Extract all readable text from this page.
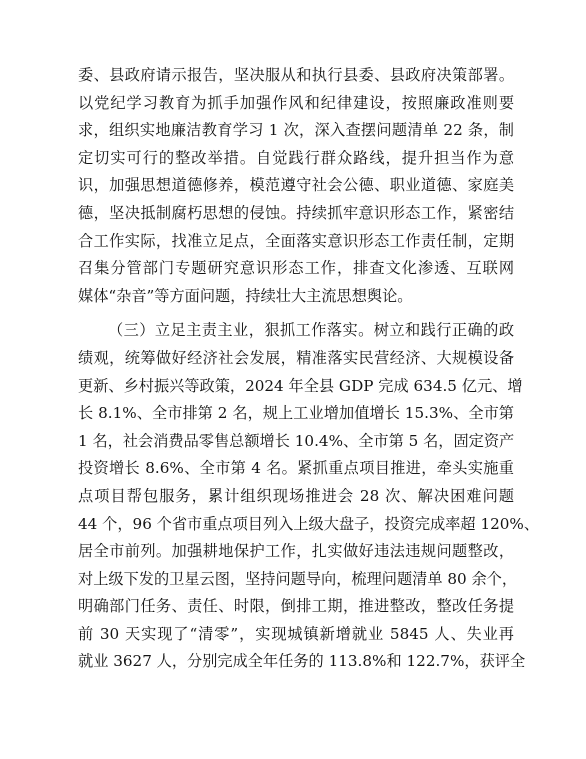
委、县政府请示报告，坚决服从和执行县委、县政府决策部署。
以党纪学习教育为抓手加强作风和纪律建设，按照廉政准则要
求，组织实地廉洁教育学习 1 次，深入查摆问题清单 22 条，制
定切实可行的整改举措。自觉践行群众路线，提升担当作为意
识，加强思想道德修养，模范遵守社会公德、职业道德、家庭美
德，坚决抵制腐朽思想的侵蚀。持续抓牢意识形态工作，紧密结
合工作实际，找准立足点，全面落实意识形态工作责任制，定期
召集分管部门专题研究意识形态工作，排查文化渗透、互联网
媒体“杂音”等方面问题，持续壮大主流思想舆论。
（三）立足主责主业，狠抓工作落实。树立和践行正确的政
绩观，统筹做好经济社会发展，精准落实民营经济、大规模设备
更新、乡村振兴等政策，2024 年全县 GDP 完成 634.5 亿元、增
长 8.1%、全市排第 2 名，规上工业增加值增长 15.3%、全市第
1 名，社会消费品零售总额增长 10.4%、全市第 5 名，固定资产
投资增长 8.6%、全市第 4 名。紧抓重点项目推进，牵头实施重
点项目帮包服务，累计组织现场推进会 28 次、解决困难问题
44 个，96 个省市重点项目列入上级大盘子，投资完成率超 120%、
居全市前列。加强耕地保护工作，扎实做好违法违规问题整改，
对上级下发的卫星云图，坚持问题导向，梳理问题清单 80 余个，
明确部门任务、责任、时限，倒排工期，推进整改，整改任务提
前 30 天实现了“清零”，实现城镇新增就业 5845 人、失业再
就业 3627 人，分别完成全年任务的 113.8%和 122.7%，获评全
